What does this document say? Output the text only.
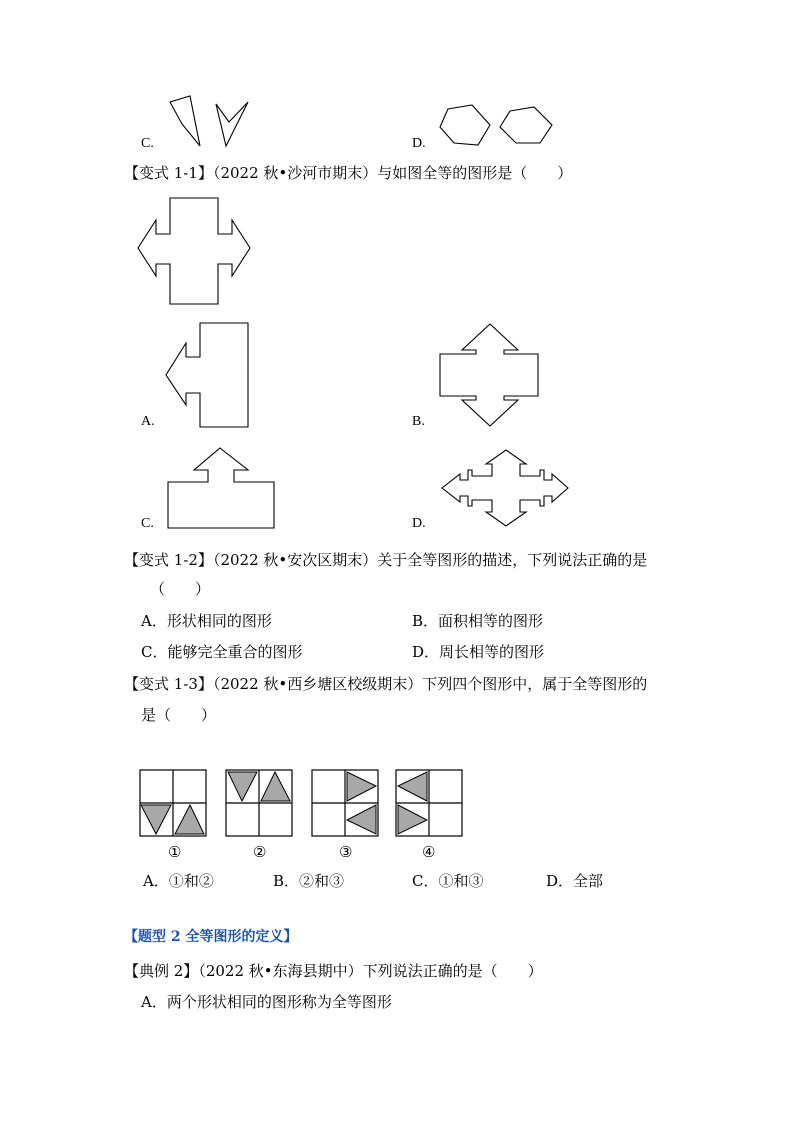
C.	D.
【变式 1-1】（2022 秋•沙河市期末）与如图全等的图形是（　　）
A.	B.
C.	D.
【变式 1-2】（2022 秋•安次区期末）关于全等图形的描述，下列说法正确的是
（　　）
A．形状相同的图形	B．面积相等的图形
C．能够完全重合的图形	D．周长相等的图形
【变式 1-3】（2022 秋•西乡塘区校级期末）下列四个图形中，属于全等图形的
是（　　）
①	②	③	④
A．①和②	B．②和③	C．①和③	D．全部
【题型 2 全等图形的定义】
【典例 2】（2022 秋•东海县期中）下列说法正确的是（　　）
A．两个形状相同的图形称为全等图形
